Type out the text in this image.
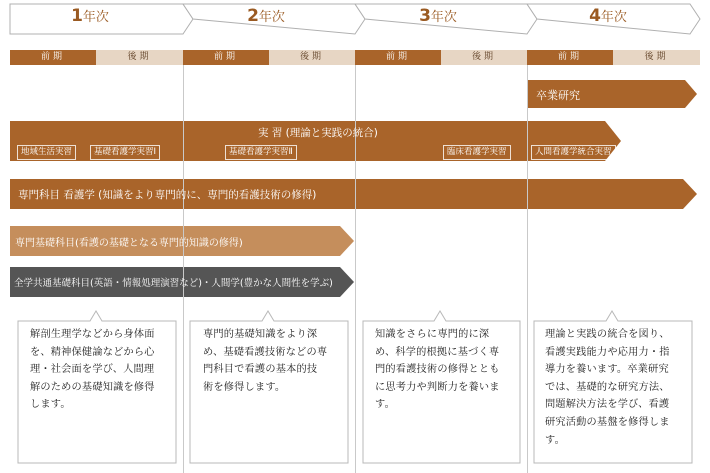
1年次	2年次	3年次	4年次
前期	後期	前期	後期	前期	後期	前期	後期
卒業研究
実 習 (理論と実践の統合)
地域生活実習	基礎看護学実習Ⅰ	基礎看護学実習Ⅱ	臨床看護学実習	人間看護学統合実習
専門科目 看護学 (知識をより専門的に、専門的看護技術の修得)
専門基礎科目(看護の基礎となる専門的知識の修得)
全学共通基礎科目(英語・情報処理演習など)・人間学(豊かな人間性を学ぶ)
解剖生理学などから身体面
を、精神保健論などから心
理・社会面を学び、人間理
解のための基礎知識を修得
します。
専門的基礎知識をより深
め、基礎看護技術などの専
門科目で看護の基本的技
術を修得します。
知識をさらに専門的に深
め、科学的根拠に基づく専
門的看護技術の修得ととも
に思考力や判断力を養いま
す。
理論と実践の統合を図り、
看護実践能力や応用力・指
導力を養います。卒業研究
では、基礎的な研究方法、
問題解決方法を学び、看護
研究活動の基盤を修得しま
す。
